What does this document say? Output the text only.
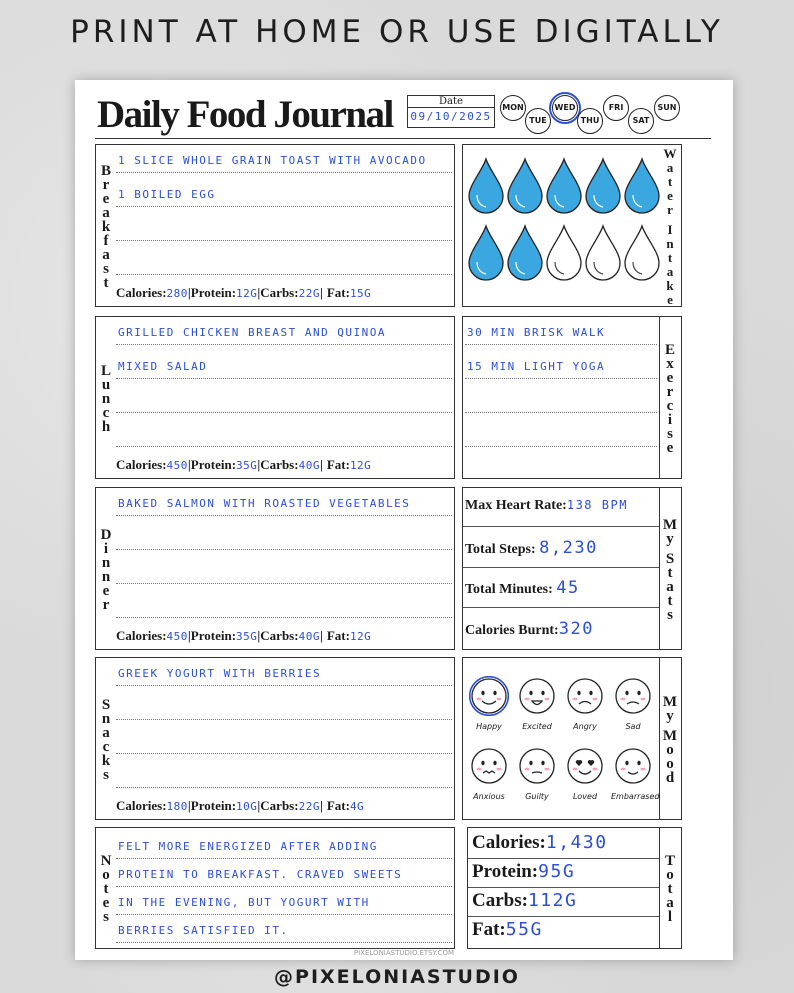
PRINT AT HOME OR USE DIGITALLY
Daily Food Journal	Date
09/10/2025
MON
TUE
WED
THU
FRI
SAT
SUN
B
r
e
a
k
f
a
s
t
1 SLICE WHOLE GRAIN TOAST WITH AVOCADO
1 BOILED EGG
Calories:280|Protein:12G|Carbs:22G| Fat:15G
L
u
n
c
h
GRILLED CHICKEN BREAST AND QUINOA
MIXED SALAD
Calories:450|Protein:35G|Carbs:40G| Fat:12G
D
i
n
n
e
r
BAKED SALMON WITH ROASTED VEGETABLES
Calories:450|Protein:35G|Carbs:40G| Fat:12G
S
n
a
c
k
s
GREEK YOGURT WITH BERRIES
Calories:180|Protein:10G|Carbs:22G| Fat:4G
N
o
t
e
s
FELT MORE ENERGIZED AFTER ADDING
PROTEIN TO BREAKFAST. CRAVED SWEETS
IN THE EVENING, BUT YOGURT WITH
BERRIES SATISFIED IT.
W
a
t
e
r

I
n
t
a
k
e
30 MIN BRISK WALK
15 MIN LIGHT YOGA
E
x
e
r
c
i
s
e
Max Heart Rate:138 BPM
Total Steps: 8,230
Total Minutes: 45
Calories Burnt:320
M
y

S
t
a
t
s
Happy	Excited	Angry	Sad
Anxious	Guilty	Loved	Embarrased
M
y

M
o
o
d
Calories:1,430
Protein:95G
Carbs:112G
Fat:55G
T
o
t
a
l
PIXELONIASTUDIO.ETSY.COM
@PIXELONIASTUDIO
